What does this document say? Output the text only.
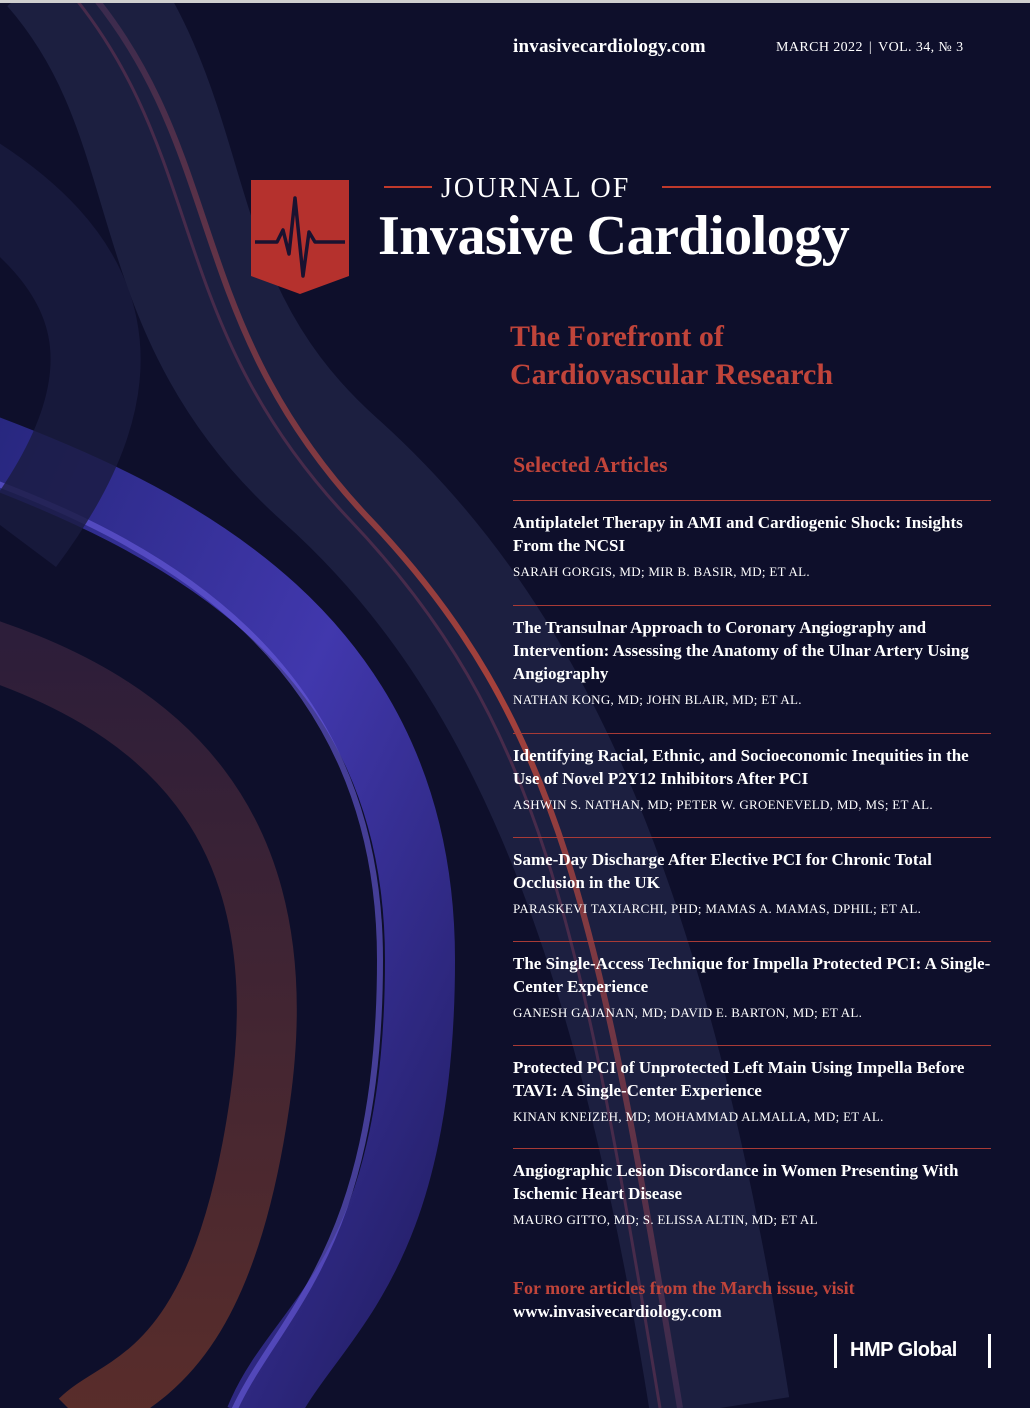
invasivecardiology.com	MARCH 2022 | VOL. 34, № 3
JOURNAL OF
Invasive Cardiology
The Forefront of
Cardiovascular Research
Selected Articles
Antiplatelet Therapy in AMI and Cardiogenic Shock: Insights From the NCSI
SARAH GORGIS, MD; MIR B. BASIR, MD; ET AL.
The Transulnar Approach to Coronary Angiography and Intervention: Assessing the Anatomy of the Ulnar Artery Using Angiography
NATHAN KONG, MD; JOHN BLAIR, MD; ET AL.
Identifying Racial, Ethnic, and Socioeconomic Inequities in the Use of Novel P2Y12 Inhibitors After PCI
ASHWIN S. NATHAN, MD; PETER W. GROENEVELD, MD, MS; ET AL.
Same-Day Discharge After Elective PCI for Chronic Total Occlusion in the UK
PARASKEVI TAXIARCHI, PHD; MAMAS A. MAMAS, DPHIL; ET AL.
The Single-Access Technique for Impella Protected PCI: A Single-Center Experience
GANESH GAJANAN, MD; DAVID E. BARTON, MD; ET AL.
Protected PCI of Unprotected Left Main Using Impella Before TAVI: A Single-Center Experience
KINAN KNEIZEH, MD; MOHAMMAD ALMALLA, MD; ET AL.
Angiographic Lesion Discordance in Women Presenting With Ischemic Heart Disease
MAURO GITTO, MD; S. ELISSA ALTIN, MD; ET AL
For more articles from the March issue, visit
www.invasivecardiology.com
HMP Global
